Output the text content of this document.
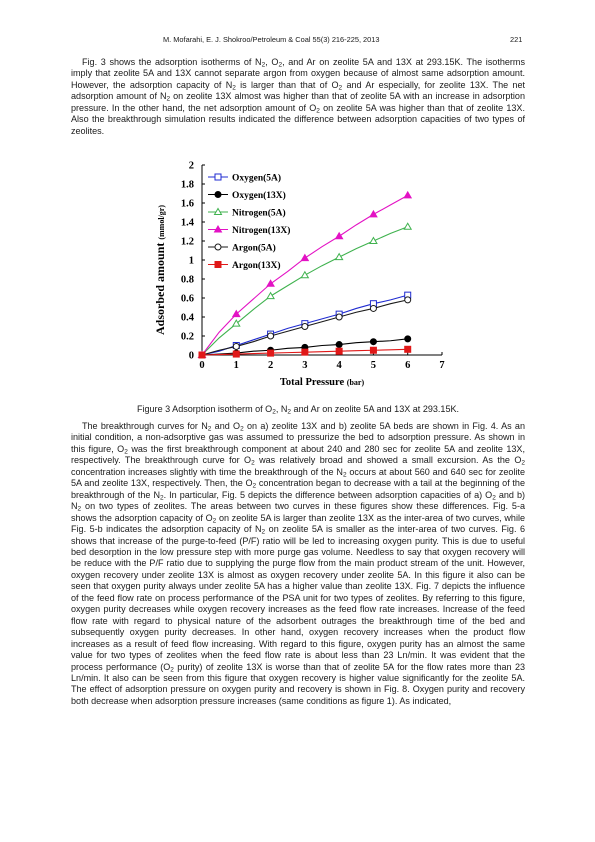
M. Mofarahi, E. J. Shokroo/Petroleum & Coal 55(3) 216-225, 2013	221

Fig. 3 shows the adsorption isotherms of $N_2$, $O_2$, and Ar on zeolite 5A and 13X at 293.15K. The isotherms imply that zeolite 5A and 13X cannot separate argon from oxygen because of almost same adsorption amount. However, the adsorption capacity of $N_2$ is larger than that of $O_2$ and Ar especially, for zeolite 13X. The net adsorption amount of $N_2$ on zeolite 13X almost was higher than that of zeolite 5A with an increase in adsorption pressure. In the other hand, the net adsorption amount of $O_2$ on zeolite 5A was higher than that of zeolite 13X. Also the breakthrough simulation results indicated the difference between adsorption capacities of two types of zeolites.

0	1	2	3	4	5	6	7
0
0.2
0.4
0.6
0.8
1
1.2
1.4
1.6
1.8
2
Total Pressure (bar)
Adsorbed amount (mmol/gr)
Oxygen(5A)
Oxygen(13X)
Nitrogen(5A)
Nitrogen(13X)
Argon(5A)
Argon(13X)
Figure 3 Adsorption isotherm of $O_2$, $N_2$ and Ar on zeolite 5A and 13X at 293.15K.

The breakthrough curves for $N_2$ and $O_2$ on a) zeolite 13X and b) zeolite 5A beds are shown in Fig. 4. As an initial condition, a non-adsorptive gas was assumed to pressurize the bed to adsorption pressure. As shown in this figure, $O_2$ was the first breakthrough component at about 240 and 280 sec for zeolite 5A and zeolite 13X, respectively. The breakthrough curve for $O_2$ was relatively broad and showed a small excursion. As the $O_2$ concentration increases slightly with time the breakthrough of the $N_2$ occurs at about 560 and 640 sec for zeolite 5A and zeolite 13X, respectively. Then, the $O_2$ concentration began to decrease with a tail at the beginning of the breakthrough of the $N_2$. In particular, Fig. 5 depicts the difference between adsorption capacities of a) $O_2$ and b) $N_2$ on two types of zeolites. The areas between two curves in these figures show these differences. Fig. 5-a shows the adsorption capacity of $O_2$ on zeolite 5A is larger than zeolite 13X as the inter-area of two curves, while Fig. 5-b indicates the adsorption capacity of $N_2$ on zeolite 5A is smaller as the inter-area of two curves. Fig. 6 shows that increase of the purge-to-feed (P/F) ratio will be led to increasing oxygen purity. This is due to useful bed desorption in the low pressure step with more purge gas volume. Needless to say that oxygen recovery will be reduce with the P/F ratio due to supplying the purge flow from the main product stream of the unit. However, oxygen recovery under zeolite 13X is almost as oxygen recovery under zeolite 5A. In this figure it also can be seen that oxygen purity always under zeolite 5A has a higher value than zeolite 13X. Fig. 7 depicts the influence of the feed flow rate on process performance of the PSA unit for two types of zeolites. By referring to this figure, oxygen purity decreases while oxygen recovery increases as the feed flow rate increases. Increase of the feed flow rate with regard to physical nature of the adsorbent outrages the breakthrough time of the bed and subsequently oxygen purity decreases. In other hand, oxygen recovery increases when the product flow increases as a result of feed flow increasing. With regard to this figure, oxygen purity has an almost the same value for two types of zeolites when the feed flow rate is about less than 23 Ln/min. It was evident that the process performance ($O_2$ purity) of zeolite 13X is worse than that of zeolite 5A for the flow rates more than 23 Ln/min. It also can be seen from this figure that oxygen recovery is higher value significantly for the zeolite 5A. The effect of adsorption pressure on oxygen purity and recovery is shown in Fig. 8. Oxygen purity and recovery both decrease when adsorption pressure increases (same conditions as figure 1). As indicated,
